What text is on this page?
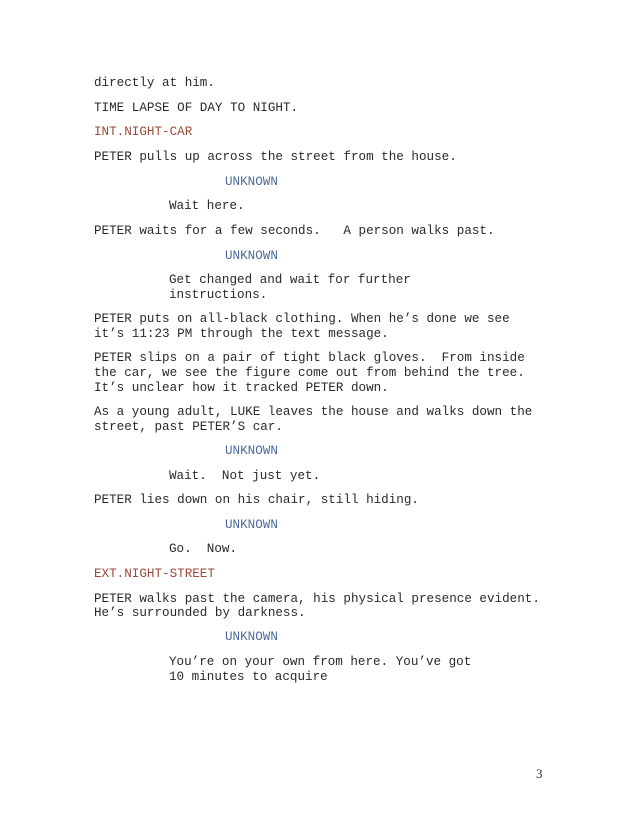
directly at him.
TIME LAPSE OF DAY TO NIGHT.
INT.NIGHT-CAR
PETER pulls up across the street from the house.
UNKNOWN
Wait here.
PETER waits for a few seconds.   A person walks past.
UNKNOWN
Get changed and wait for further
instructions.
PETER puts on all-black clothing. When he’s done we see
it’s 11:23 PM through the text message.
PETER slips on a pair of tight black gloves.  From inside
the car, we see the figure come out from behind the tree.
It’s unclear how it tracked PETER down.
As a young adult, LUKE leaves the house and walks down the
street, past PETER’S car.
UNKNOWN
Wait.  Not just yet.
PETER lies down on his chair, still hiding.
UNKNOWN
Go.  Now.
EXT.NIGHT-STREET
PETER walks past the camera, his physical presence evident.
He’s surrounded by darkness.
UNKNOWN
You’re on your own from here. You’ve got
10 minutes to acquire
3
